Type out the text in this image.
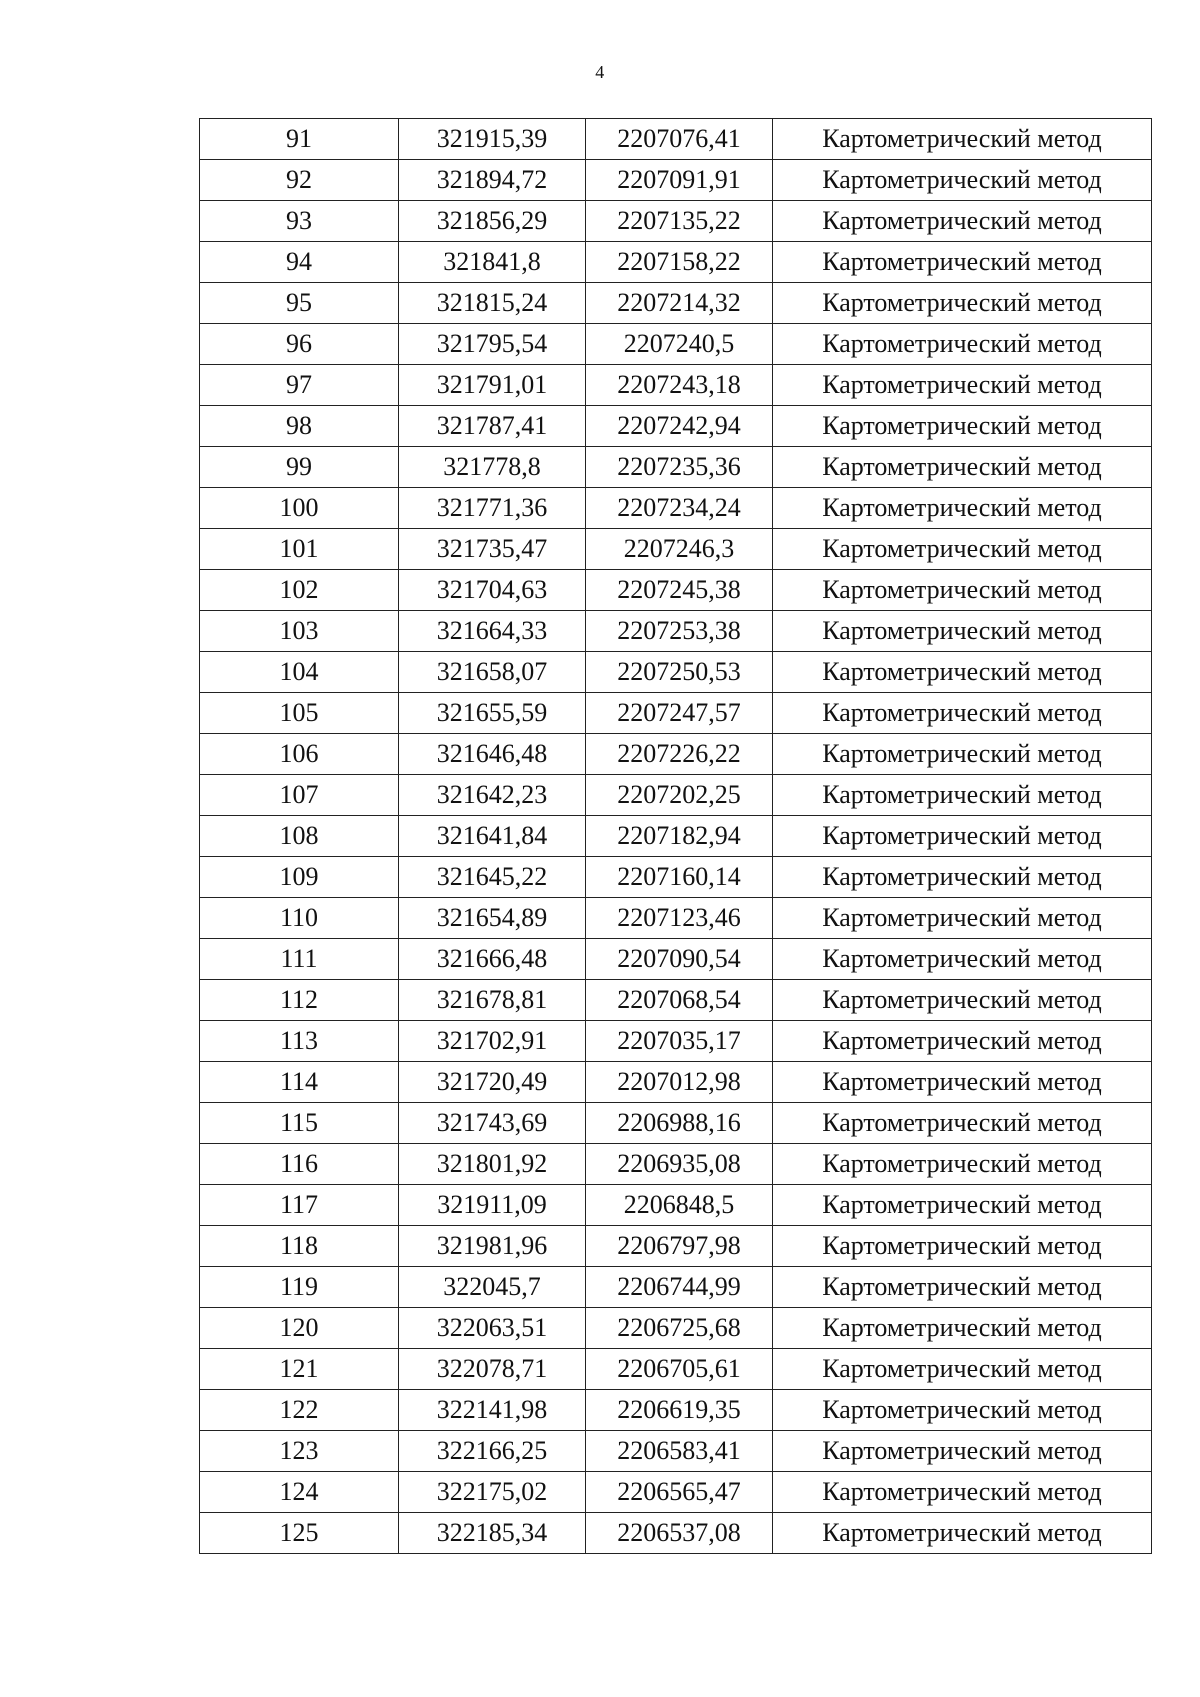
4
91	321915,39	2207076,41	Картометрический метод
92	321894,72	2207091,91	Картометрический метод
93	321856,29	2207135,22	Картометрический метод
94	321841,8	2207158,22	Картометрический метод
95	321815,24	2207214,32	Картометрический метод
96	321795,54	2207240,5	Картометрический метод
97	321791,01	2207243,18	Картометрический метод
98	321787,41	2207242,94	Картометрический метод
99	321778,8	2207235,36	Картометрический метод
100	321771,36	2207234,24	Картометрический метод
101	321735,47	2207246,3	Картометрический метод
102	321704,63	2207245,38	Картометрический метод
103	321664,33	2207253,38	Картометрический метод
104	321658,07	2207250,53	Картометрический метод
105	321655,59	2207247,57	Картометрический метод
106	321646,48	2207226,22	Картометрический метод
107	321642,23	2207202,25	Картометрический метод
108	321641,84	2207182,94	Картометрический метод
109	321645,22	2207160,14	Картометрический метод
110	321654,89	2207123,46	Картометрический метод
111	321666,48	2207090,54	Картометрический метод
112	321678,81	2207068,54	Картометрический метод
113	321702,91	2207035,17	Картометрический метод
114	321720,49	2207012,98	Картометрический метод
115	321743,69	2206988,16	Картометрический метод
116	321801,92	2206935,08	Картометрический метод
117	321911,09	2206848,5	Картометрический метод
118	321981,96	2206797,98	Картометрический метод
119	322045,7	2206744,99	Картометрический метод
120	322063,51	2206725,68	Картометрический метод
121	322078,71	2206705,61	Картометрический метод
122	322141,98	2206619,35	Картометрический метод
123	322166,25	2206583,41	Картометрический метод
124	322175,02	2206565,47	Картометрический метод
125	322185,34	2206537,08	Картометрический метод
